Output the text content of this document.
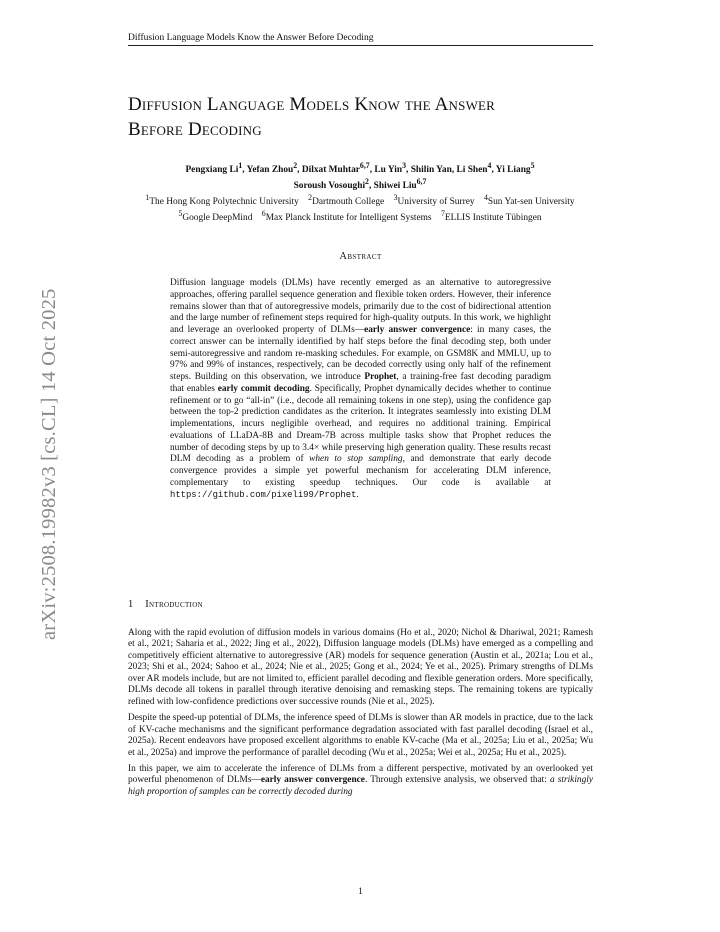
Diffusion Language Models Know the Answer Before Decoding
arXiv:2508.19982v3 [cs.CL] 14 Oct 2025
Diffusion Language Models Know the Answer
Before Decoding
Pengxiang Li$^1$, Yefan Zhou$^2$, Dilxat Muhtar$^{6,7}$, Lu Yin$^3$, Shilin Yan, Li Shen$^4$, Yi Liang$^5$
Soroush Vosoughi$^2$, Shiwei Liu$^{6,7}$
$^1$The Hong Kong Polytechnic University  $^2$Dartmouth College  $^3$University of Surrey  $^4$Sun Yat-sen University
$^5$Google DeepMind  $^6$Max Planck Institute for Intelligent Systems  $^7$ELLIS Institute Tübingen
Abstract
Diffusion language models (DLMs) have recently emerged as an alternative to autoregressive approaches, offering parallel sequence generation and flexible token orders. However, their inference remains slower than that of autoregressive models, primarily due to the cost of bidirectional attention and the large number of refinement steps required for high-quality outputs. In this work, we highlight and leverage an overlooked property of DLMs—early answer convergence: in many cases, the correct answer can be internally identified by half steps before the final decoding step, both under semi-autoregressive and random re-masking schedules. For example, on GSM8K and MMLU, up to 97% and 99% of instances, respectively, can be decoded correctly using only half of the refinement steps. Building on this observation, we introduce Prophet, a training-free fast decoding paradigm that enables early commit decoding. Specifically, Prophet dynamically decides whether to continue refinement or to go “all-in” (i.e., decode all remaining tokens in one step), using the confidence gap between the top-2 prediction candidates as the criterion. It integrates seamlessly into existing DLM implementations, incurs negligible overhead, and requires no additional training. Empirical evaluations of LLaDA-8B and Dream-7B across multiple tasks show that Prophet reduces the number of decoding steps by up to 3.4× while preserving high generation quality. These results recast DLM decoding as a problem of when to stop sampling, and demonstrate that early decode convergence provides a simple yet powerful mechanism for accelerating DLM inference, complementary to existing speedup techniques. Our code is available at https://github.com/pixeli99/Prophet.
1 Introduction

Along with the rapid evolution of diffusion models in various domains (Ho et al., 2020; Nichol & Dhariwal, 2021; Ramesh et al., 2021; Saharia et al., 2022; Jing et al., 2022), Diffusion language models (DLMs) have emerged as a compelling and competitively efficient alternative to autoregressive (AR) models for sequence generation (Austin et al., 2021a; Lou et al., 2023; Shi et al., 2024; Sahoo et al., 2024; Nie et al., 2025; Gong et al., 2024; Ye et al., 2025). Primary strengths of DLMs over AR models include, but are not limited to, efficient parallel decoding and flexible generation orders. More specifically, DLMs decode all tokens in parallel through iterative denoising and remasking steps. The remaining tokens are typically refined with low-confidence predictions over successive rounds (Nie et al., 2025).

Despite the speed-up potential of DLMs, the inference speed of DLMs is slower than AR models in practice, due to the lack of KV-cache mechanisms and the significant performance degradation associated with fast parallel decoding (Israel et al., 2025a). Recent endeavors have proposed excellent algorithms to enable KV-cache (Ma et al., 2025a; Liu et al., 2025a; Wu et al., 2025a) and improve the performance of parallel decoding (Wu et al., 2025a; Wei et al., 2025a; Hu et al., 2025).

In this paper, we aim to accelerate the inference of DLMs from a different perspective, motivated by an overlooked yet powerful phenomenon of DLMs—early answer convergence. Through extensive analysis, we observed that: a strikingly high proportion of samples can be correctly decoded during

1
